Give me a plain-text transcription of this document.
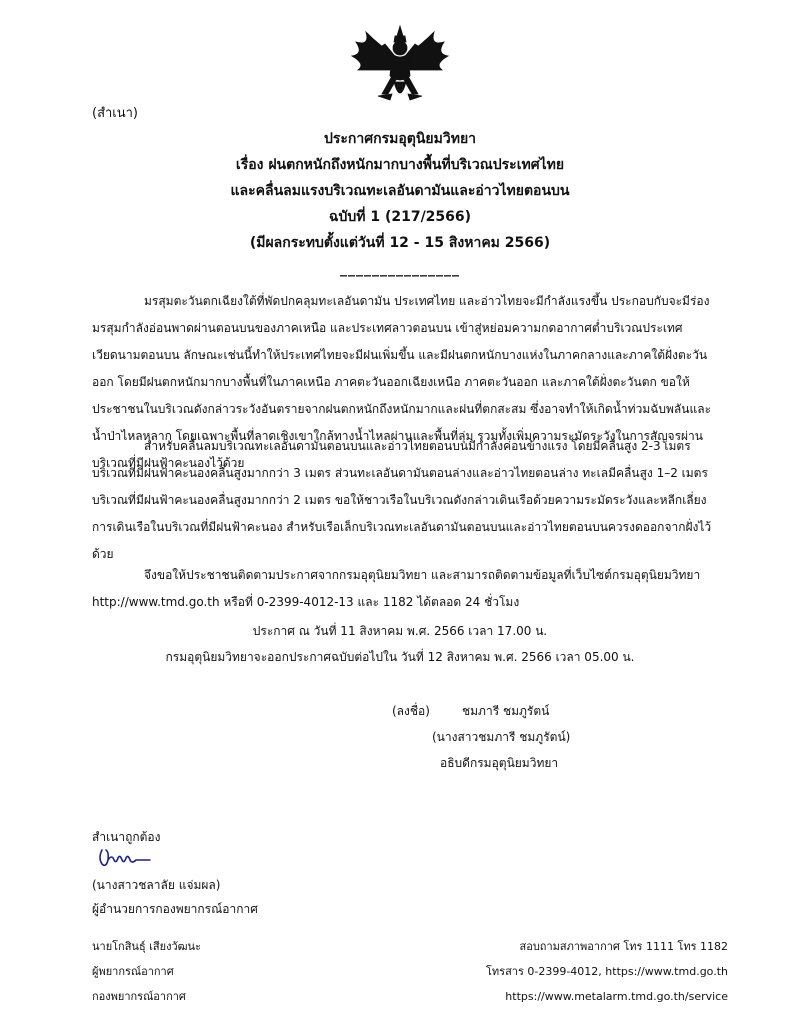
(สำเนา)
ประกาศกรมอุตุนิยมวิทยา
เรื่อง ฝนตกหนักถึงหนักมากบางพื้นที่บริเวณประเทศไทย
และคลื่นลมแรงบริเวณทะเลอันดามันและอ่าวไทยตอนบน
ฉบับที่ 1 (217/2566)
(มีผลกระทบตั้งแต่วันที่ 12 - 15 สิงหาคม 2566)
_______________
มรสุมตะวันตกเฉียงใต้ที่พัดปกคลุมทะเลอันดามัน ประเทศไทย และอ่าวไทยจะมีกำลังแรงขึ้น ประกอบกับจะมีร่องมรสุมกำลังอ่อนพาดผ่านตอนบนของภาคเหนือ และประเทศลาวตอนบน เข้าสู่หย่อมความกดอากาศต่ำบริเวณประเทศเวียดนามตอนบน ลักษณะเช่นนี้ทำให้ประเทศไทยจะมีฝนเพิ่มขึ้น และมีฝนตกหนักบางแห่งในภาคกลางและภาคใต้ฝั่งตะวันออก โดยมีฝนตกหนักมากบางพื้นที่ในภาคเหนือ ภาคตะวันออกเฉียงเหนือ ภาคตะวันออก และภาคใต้ฝั่งตะวันตก ขอให้ประชาชนในบริเวณดังกล่าวระวังอันตรายจากฝนตกหนักถึงหนักมากและฝนที่ตกสะสม ซึ่งอาจทำให้เกิดน้ำท่วมฉับพลันและน้ำป่าไหลหลาก โดยเฉพาะพื้นที่ลาดเชิงเขาใกล้ทางน้ำไหลผ่านและพื้นที่ลุ่ม รวมทั้งเพิ่มความระมัดระวังในการสัญจรผ่านบริเวณที่มีฝนฟ้าคะนองไว้ด้วย
สำหรับคลื่นลมบริเวณทะเลอันดามันตอนบนและอ่าวไทยตอนบนมีกำลังค่อนข้างแรง โดยมีคลื่นสูง 2-3 เมตร บริเวณที่มีฝนฟ้าคะนองคลื่นสูงมากกว่า 3 เมตร ส่วนทะเลอันดามันตอนล่างและอ่าวไทยตอนล่าง ทะเลมีคลื่นสูง 1–2 เมตร บริเวณที่มีฝนฟ้าคะนองคลื่นสูงมากกว่า 2 เมตร ขอให้ชาวเรือในบริเวณดังกล่าวเดินเรือด้วยความระมัดระวังและหลีกเลี่ยงการเดินเรือในบริเวณที่มีฝนฟ้าคะนอง สำหรับเรือเล็กบริเวณทะเลอันดามันตอนบนและอ่าวไทยตอนบนควรงดออกจากฝั่งไว้ด้วย
จึงขอให้ประชาชนติดตามประกาศจากกรมอุตุนิยมวิทยา และสามารถติดตามข้อมูลที่เว็บไซต์กรมอุตุนิยมวิทยา http://www.tmd.go.th หรือที่ 0-2399-4012-13 และ 1182 ได้ตลอด 24 ชั่วโมง
ประกาศ ณ วันที่ 11 สิงหาคม พ.ศ. 2566 เวลา 17.00 น.
กรมอุตุนิยมวิทยาจะออกประกาศฉบับต่อไปใน วันที่ 12 สิงหาคม พ.ศ. 2566 เวลา 05.00 น.
(ลงชื่อ)	ชมภารี ชมภูรัตน์
(นางสาวชมภารี ชมภูรัตน์)
อธิบดีกรมอุตุนิยมวิทยา
สำเนาถูกต้อง
(นางสาวชลาลัย แจ่มผล)
ผู้อำนวยการกองพยากรณ์อากาศ
นายโกสินธุ์ เสียงวัฒนะ
ผู้พยากรณ์อากาศ
กองพยากรณ์อากาศ
สอบถามสภาพอากาศ โทร 1111 โทร 1182
โทรสาร 0-2399-4012, https://www.tmd.go.th
https://www.metalarm.tmd.go.th/service
